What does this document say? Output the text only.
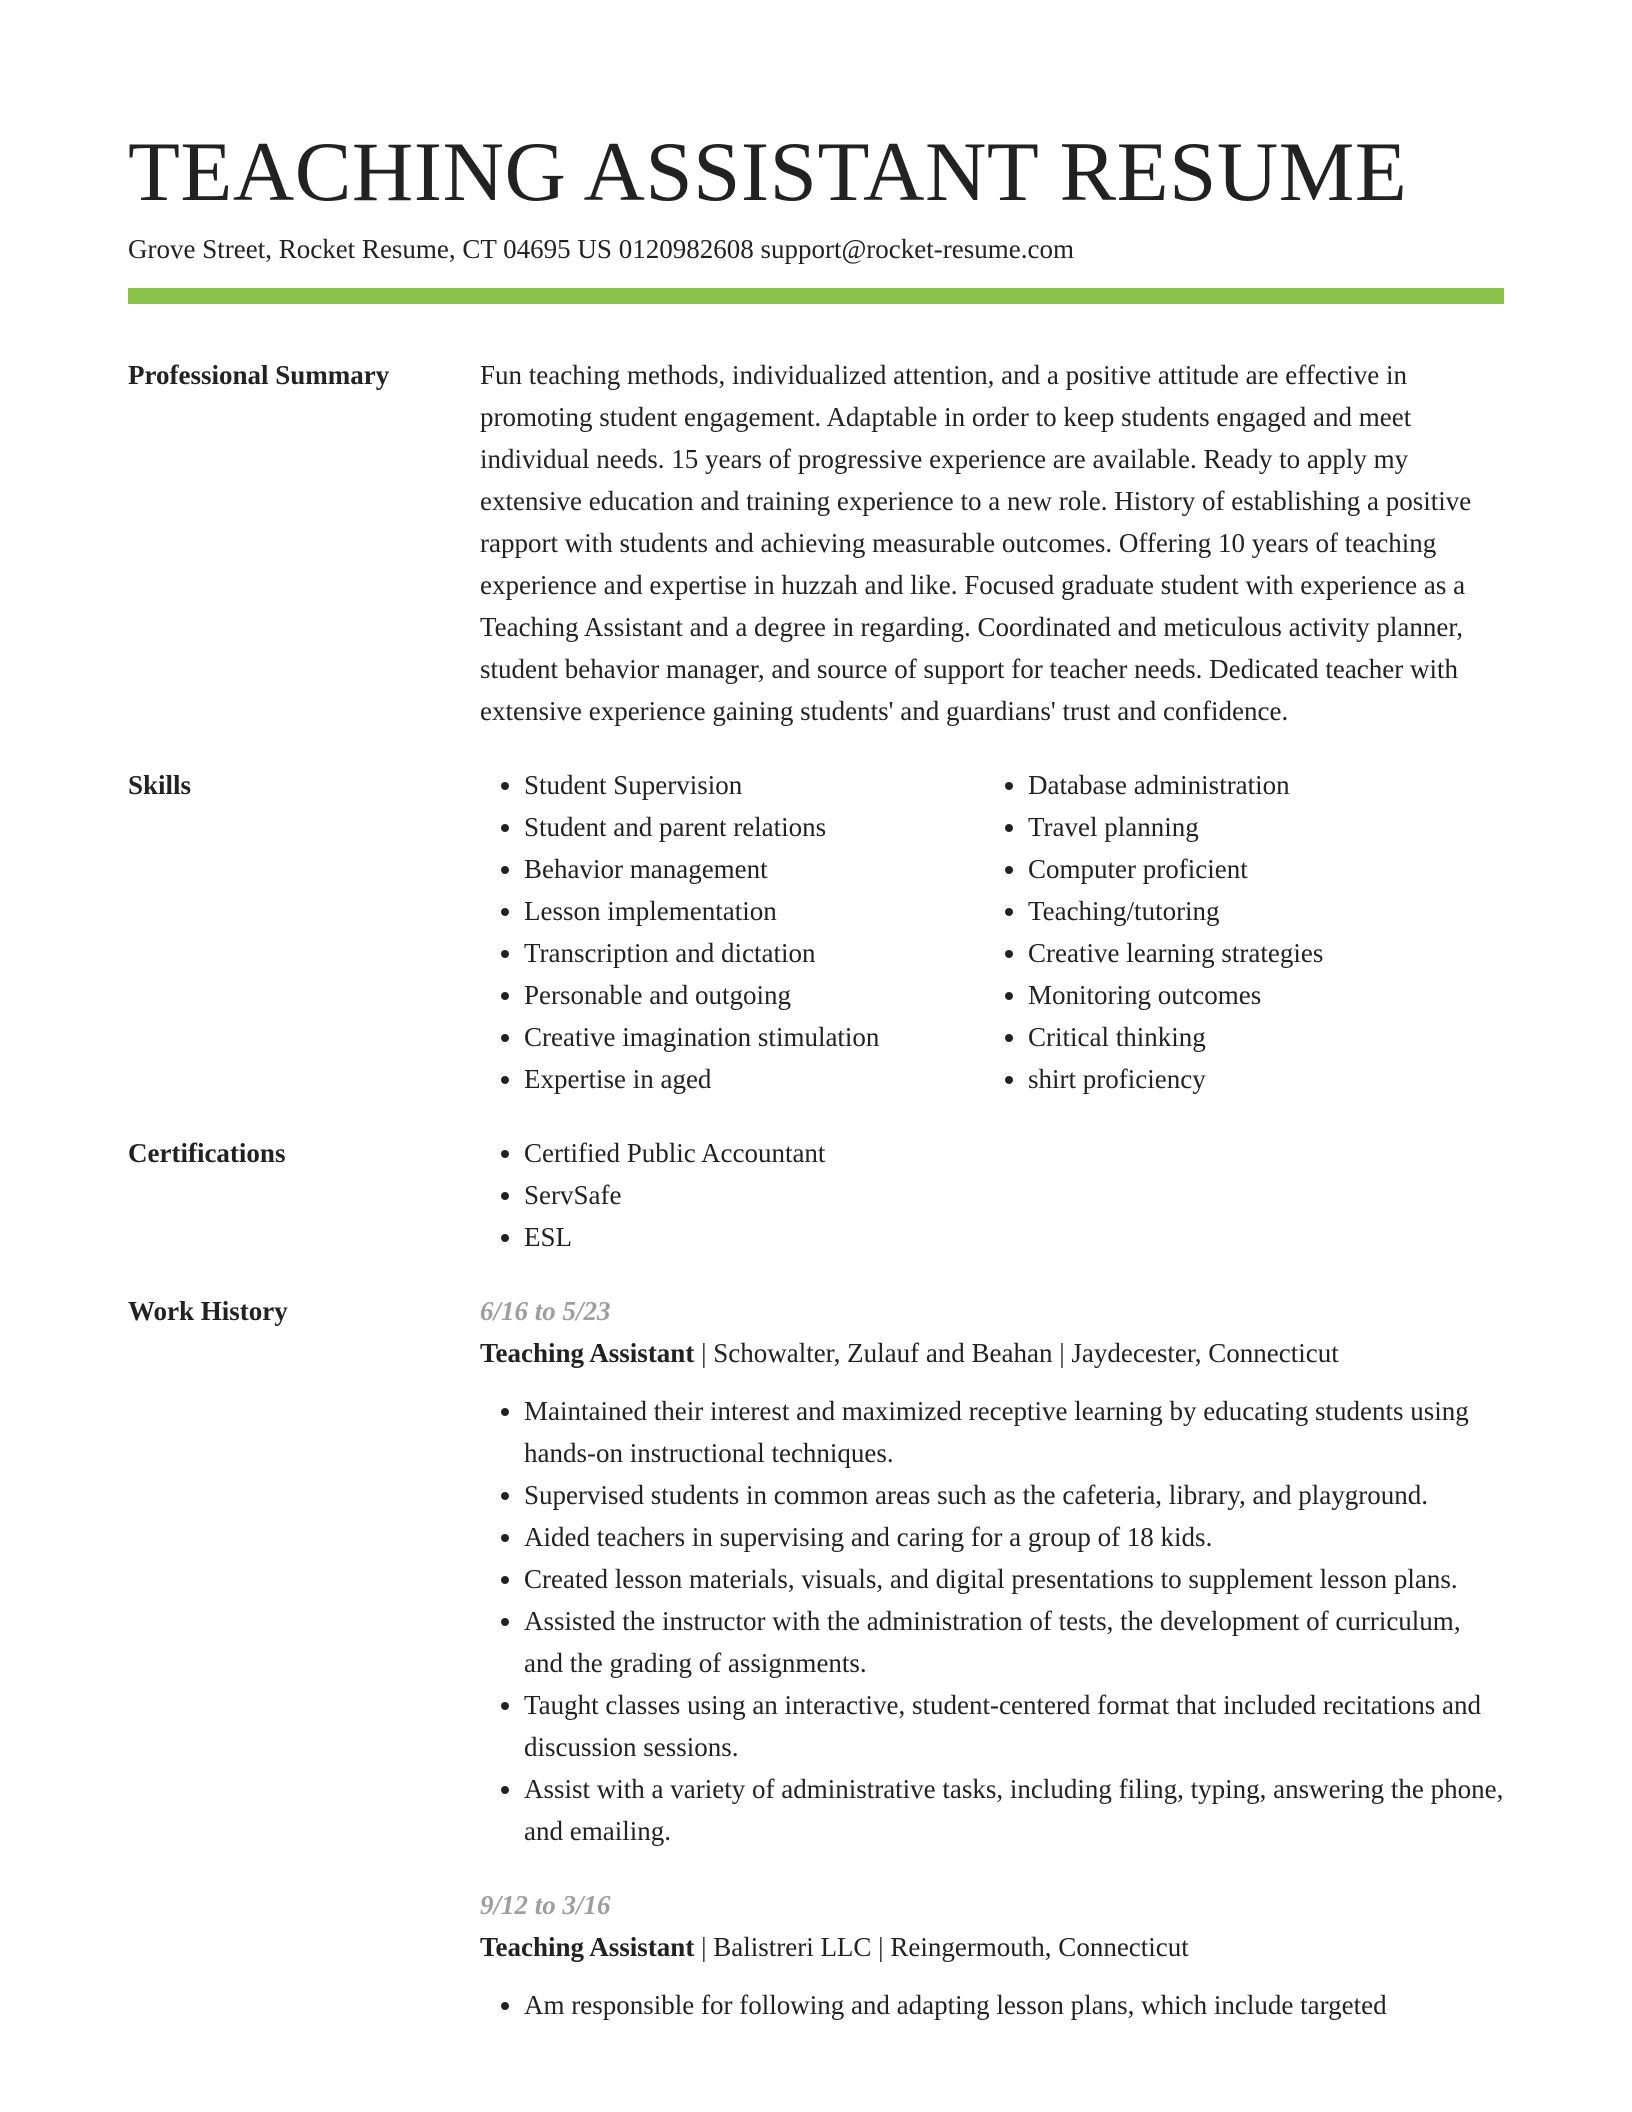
TEACHING ASSISTANT RESUME
Grove Street, Rocket Resume, CT 04695 US 0120982608 support@rocket-resume.com
Professional Summary	Fun teaching methods, individualized attention, and a positive attitude are effective in promoting student engagement. Adaptable in order to keep students engaged and meet individual needs. 15 years of progressive experience are available. Ready to apply my extensive education and training experience to a new role. History of establishing a positive rapport with students and achieving measurable outcomes. Offering 10 years of teaching experience and expertise in huzzah and like. Focused graduate student with experience as a Teaching Assistant and a degree in regarding. Coordinated and meticulous activity planner, student behavior manager, and source of support for teacher needs. Dedicated teacher with extensive experience gaining students' and guardians' trust and confidence.

Skills	• Student Supervision
• Student and parent relations
• Behavior management
• Lesson implementation
• Transcription and dictation
• Personable and outgoing
• Creative imagination stimulation
• Expertise in aged
• Database administration
• Travel planning
• Computer proficient
• Teaching/tutoring
• Creative learning strategies
• Monitoring outcomes
• Critical thinking
• shirt proficiency
Certifications	• Certified Public Accountant
• ServSafe
• ESL
Work History	6/16 to 5/23
Teaching Assistant | Schowalter, Zulauf and Beahan | Jaydecester, Connecticut
• Maintained their interest and maximized receptive learning by educating students using hands-on instructional techniques.
• Supervised students in common areas such as the cafeteria, library, and playground.
• Aided teachers in supervising and caring for a group of 18 kids.
• Created lesson materials, visuals, and digital presentations to supplement lesson plans.
• Assisted the instructor with the administration of tests, the development of curriculum, and the grading of assignments.
• Taught classes using an interactive, student-centered format that included recitations and discussion sessions.
• Assist with a variety of administrative tasks, including filing, typing, answering the phone, and emailing.
9/12 to 3/16
Teaching Assistant | Balistreri LLC | Reingermouth, Connecticut
• Am responsible for following and adapting lesson plans, which include targeted
